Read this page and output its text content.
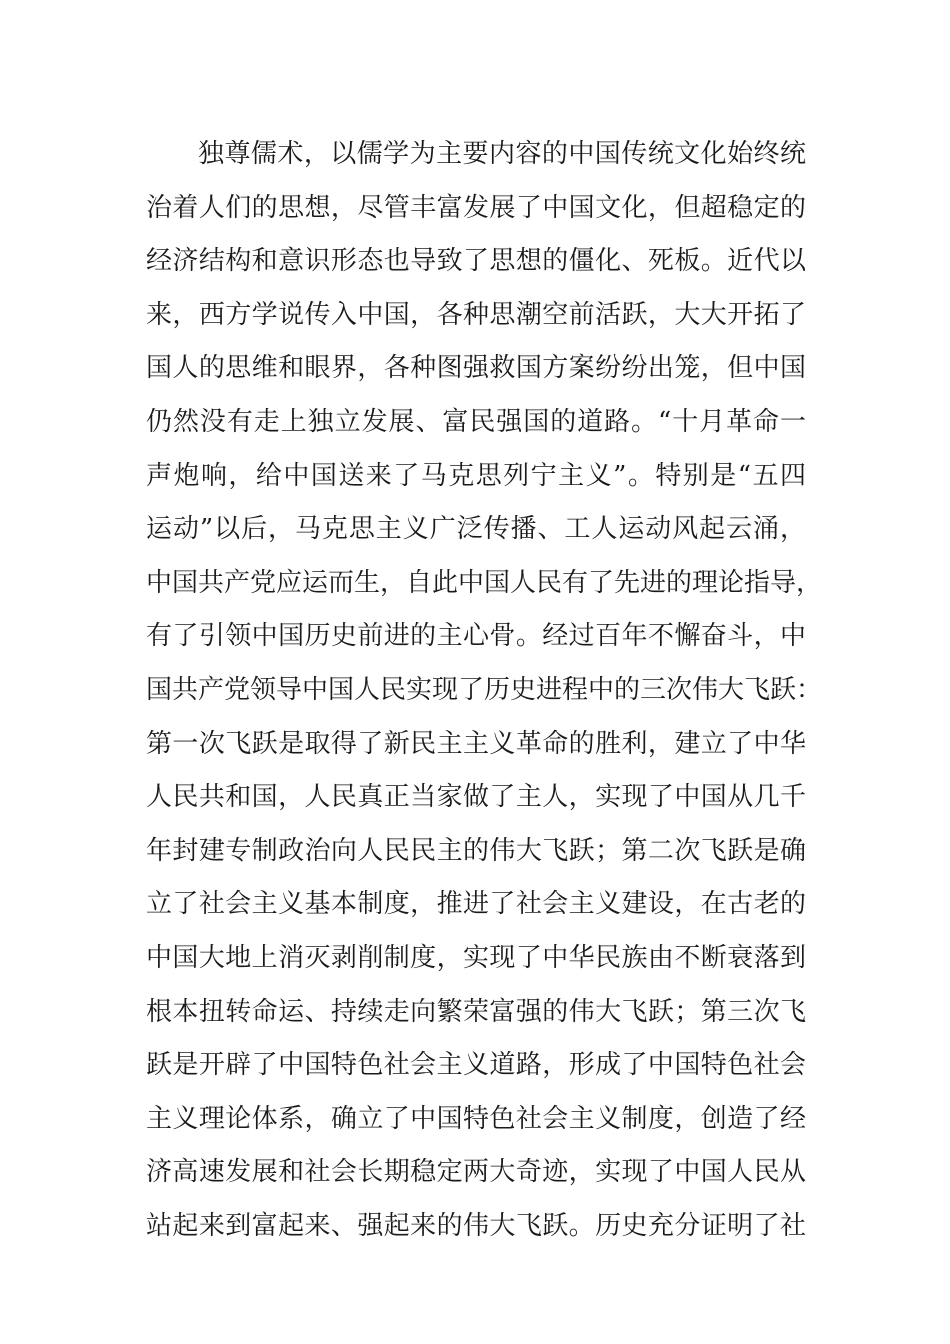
独尊儒术，以儒学为主要内容的中国传统文化始终统
治着人们的思想，尽管丰富发展了中国文化，但超稳定的
经济结构和意识形态也导致了思想的僵化、死板。近代以
来，西方学说传入中国，各种思潮空前活跃，大大开拓了
国人的思维和眼界，各种图强救国方案纷纷出笼，但中国
仍然没有走上独立发展、富民强国的道路。“十月革命一
声炮响，给中国送来了马克思列宁主义”。特别是“五四
运动”以后，马克思主义广泛传播、工人运动风起云涌，
中国共产党应运而生，自此中国人民有了先进的理论指导，
有了引领中国历史前进的主心骨。经过百年不懈奋斗，中
国共产党领导中国人民实现了历史进程中的三次伟大飞跃：
第一次飞跃是取得了新民主主义革命的胜利，建立了中华
人民共和国，人民真正当家做了主人，实现了中国从几千
年封建专制政治向人民民主的伟大飞跃；第二次飞跃是确
立了社会主义基本制度，推进了社会主义建设，在古老的
中国大地上消灭剥削制度，实现了中华民族由不断衰落到
根本扭转命运、持续走向繁荣富强的伟大飞跃；第三次飞
跃是开辟了中国特色社会主义道路，形成了中国特色社会
主义理论体系，确立了中国特色社会主义制度，创造了经
济高速发展和社会长期稳定两大奇迹，实现了中国人民从
站起来到富起来、强起来的伟大飞跃。历史充分证明了社
